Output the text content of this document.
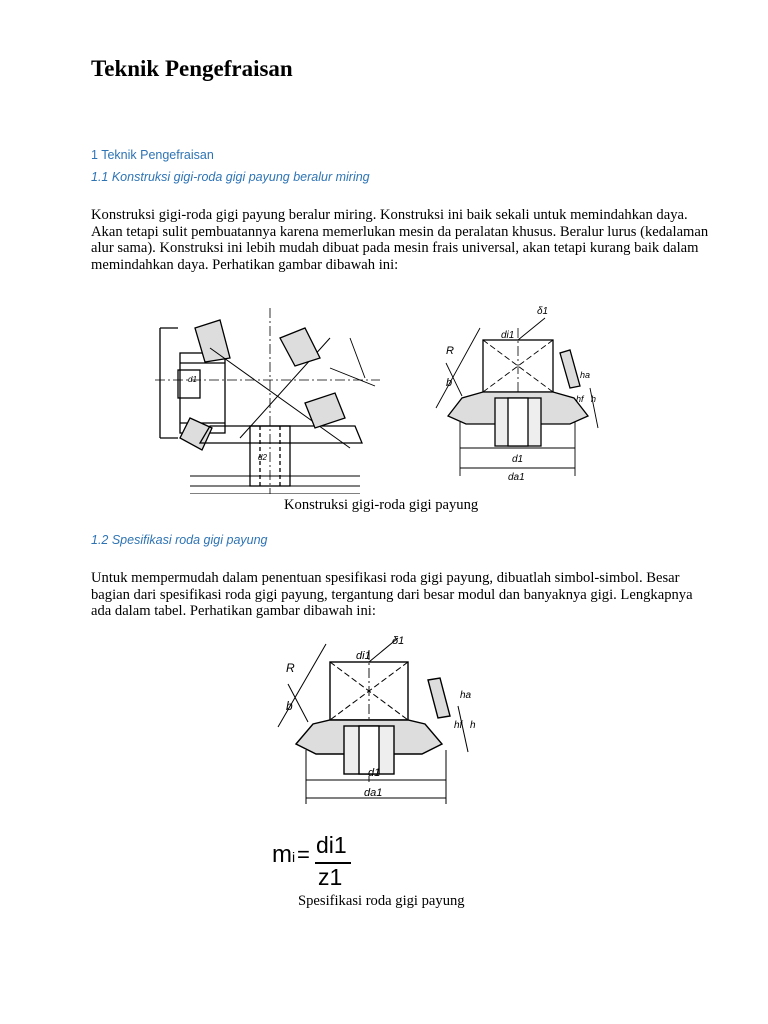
Teknik Pengefraisan
1 Teknik Pengefraisan
1.1 Konstruksi gigi-roda gigi payung beralur miring

Konstruksi gigi-roda gigi payung beralur miring. Konstruksi ini baik sekali untuk memindahkan daya. Akan tetapi sulit pembuatannya karena memerlukan mesin da peralatan khusus. Beralur lurus (kedalaman alur sama). Konstruksi ini lebih mudah dibuat pada mesin frais universal, akan tetapi kurang baik dalam memindahkan daya. Perhatikan gambar dibawah ini:

d1
d2
di1
δ1
R
b
ha
hf h
d1
da1
Konstruksi gigi-roda gigi payung
1.2 Spesifikasi roda gigi payung

Untuk mempermudah dalam penentuan spesifikasi roda gigi payung, dibuatlah simbol-simbol. Besar bagian dari spesifikasi roda gigi payung, tergantung dari besar modul dan banyaknya gigi. Lengkapnya ada dalam tabel. Perhatikan gambar dibawah ini:

di1
δ1
R
b
ha
hf h
d1
da1
mi = di1
z1
Spesifikasi roda gigi payung
